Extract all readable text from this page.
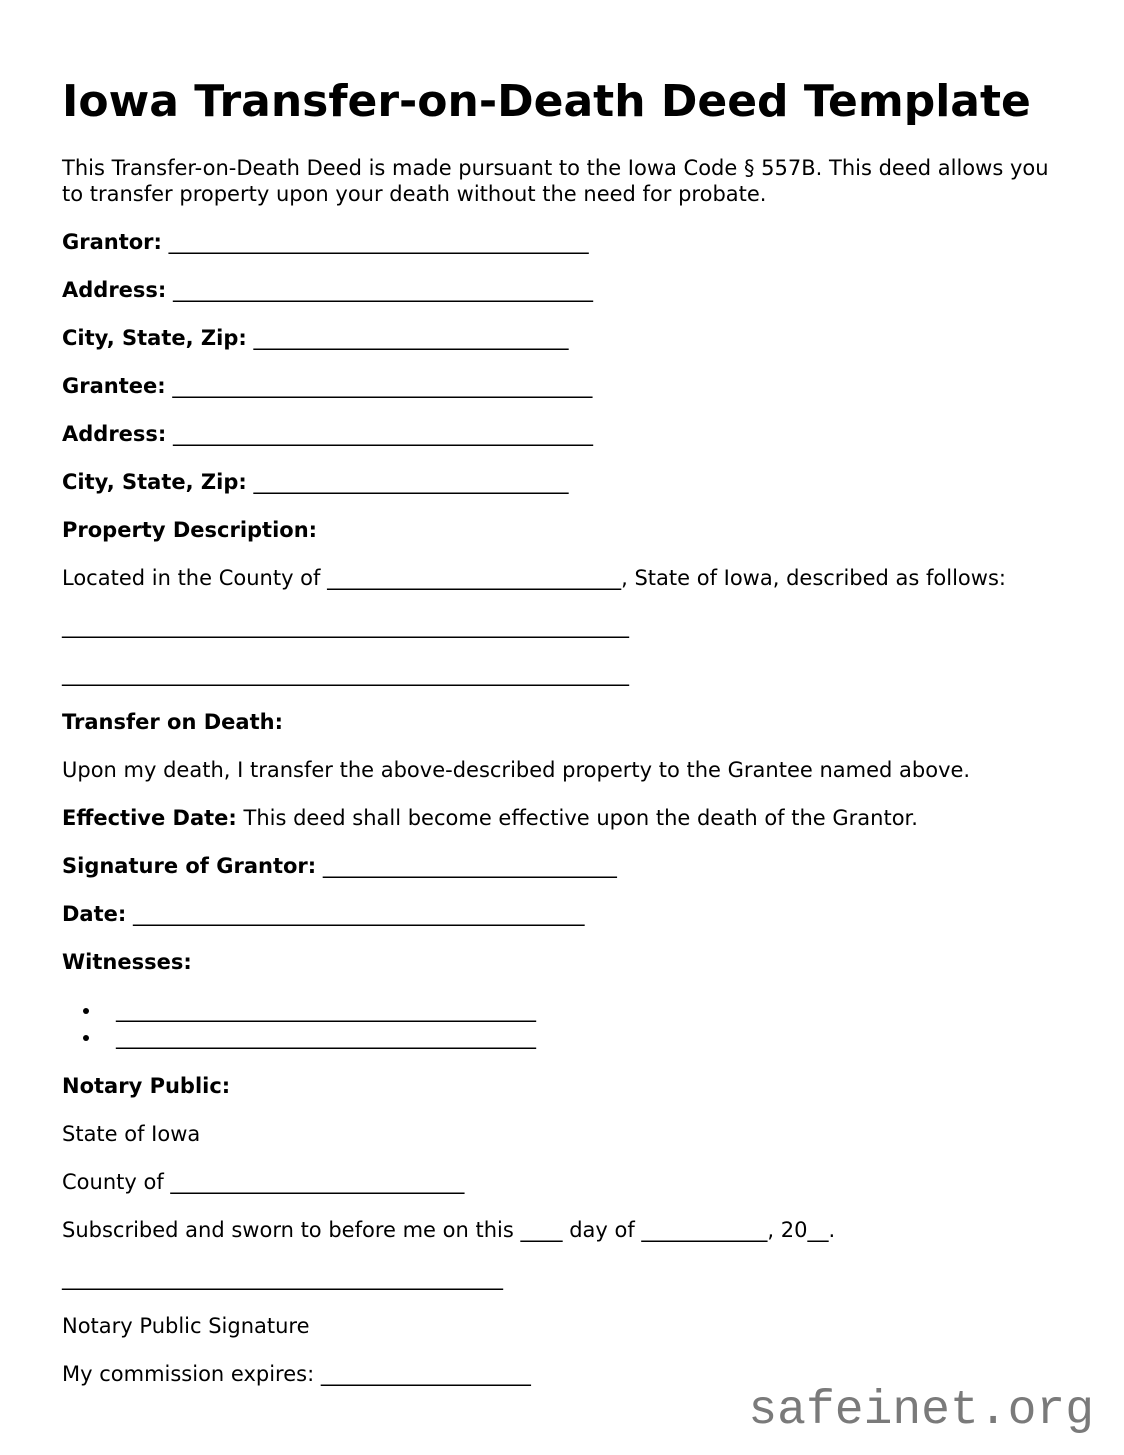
Iowa Transfer-on-Death Deed Template

This Transfer-on-Death Deed is made pursuant to the Iowa Code § 557B. This deed allows you to transfer property upon your death without the need for probate.

Grantor: ________________________________________

Address: ________________________________________

City, State, Zip: ______________________________

Grantee: ________________________________________

Address: ________________________________________

City, State, Zip: ______________________________

Property Description:

Located in the County of ____________________________, State of Iowa, described as follows:

______________________________________________________

______________________________________________________

Transfer on Death:

Upon my death, I transfer the above-described property to the Grantee named above.

Effective Date: This deed shall become effective upon the death of the Grantor.

Signature of Grantor: ____________________________

Date: ___________________________________________

Witnesses:

• ________________________________________
• ________________________________________

Notary Public:

State of Iowa

County of ____________________________

Subscribed and sworn to before me on this ____ day of ____________, 20__.

__________________________________________

Notary Public Signature

My commission expires: ____________________

safeinet.org
